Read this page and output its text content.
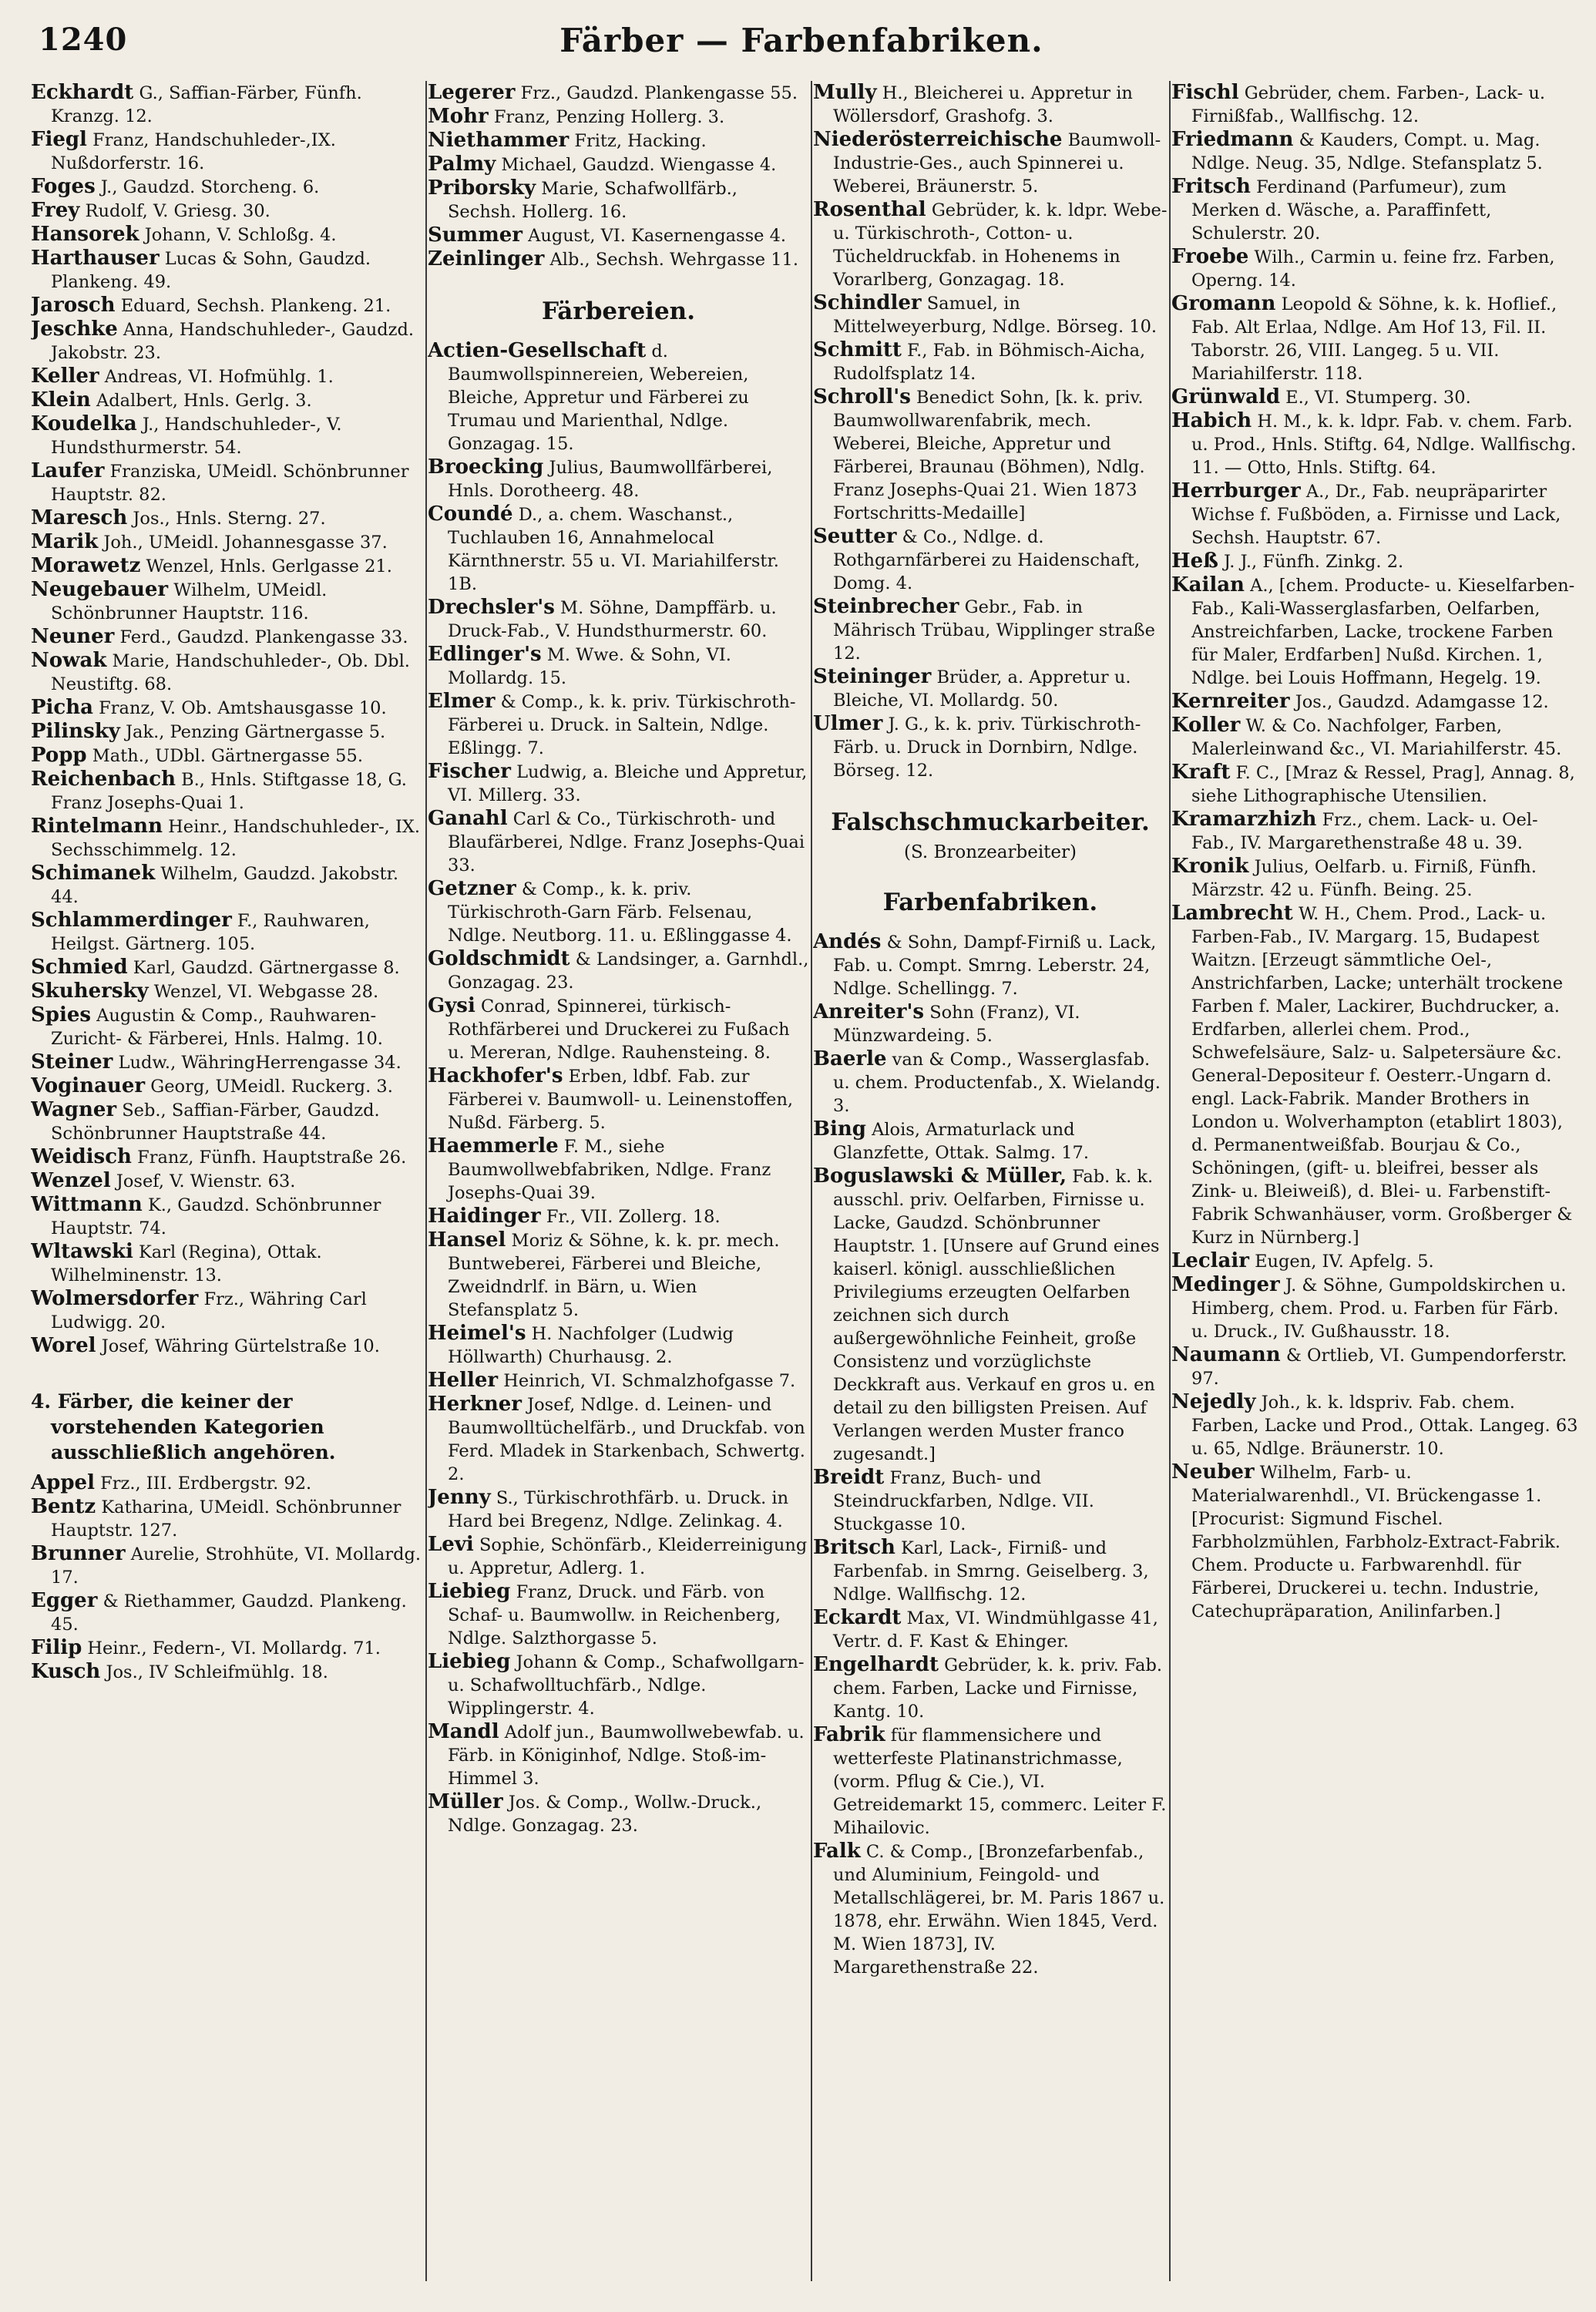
1240	Färber — Farbenfabriken.

Eckhardt G., Saffian-Färber, Fünfh. Kranzg. 12.

Fiegl Franz, Handschuhleder-,IX. Nußdorferstr. 16.

Foges J., Gaudzd. Storcheng. 6.

Frey Rudolf, V. Griesg. 30.

Hansorek Johann, V. Schloßg. 4.

Harthauser Lucas & Sohn, Gaudzd. Plankeng. 49.

Jarosch Eduard, Sechsh. Plankeng. 21.

Jeschke Anna, Handschuhleder-, Gaudzd. Jakobstr. 23.

Keller Andreas, VI. Hofmühlg. 1.

Klein Adalbert, Hnls. Gerlg. 3.

Koudelka J., Handschuhleder-, V. Hundsthurmerstr. 54.

Laufer Franziska, UMeidl. Schönbrunner Hauptstr. 82.

Maresch Jos., Hnls. Sterng. 27.

Marik Joh., UMeidl. Johannesgasse 37.

Morawetz Wenzel, Hnls. Gerlgasse 21.

Neugebauer Wilhelm, UMeidl. Schönbrunner Hauptstr. 116.

Neuner Ferd., Gaudzd. Plankengasse 33.

Nowak Marie, Handschuhleder-, Ob. Dbl. Neustiftg. 68.

Picha Franz, V. Ob. Amtshausgasse 10.

Pilinsky Jak., Penzing Gärtnergasse 5.

Popp Math., UDbl. Gärtnergasse 55.

Reichenbach B., Hnls. Stiftgasse 18, G. Franz Josephs-Quai 1.

Rintelmann Heinr., Handschuhleder-, IX. Sechsschimmelg. 12.

Schimanek Wilhelm, Gaudzd. Jakobstr. 44.

Schlammerdinger F., Rauhwaren, Heilgst. Gärtnerg. 105.

Schmied Karl, Gaudzd. Gärtnergasse 8.

Skuhersky Wenzel, VI. Webgasse 28.

Spies Augustin & Comp., Rauhwaren-Zuricht- & Färberei, Hnls. Halmg. 10.

Steiner Ludw., WähringHerrengasse 34.

Voginauer Georg, UMeidl. Ruckerg. 3.

Wagner Seb., Saffian-Färber, Gaudzd. Schönbrunner Hauptstraße 44.

Weidisch Franz, Fünfh. Hauptstraße 26.

Wenzel Josef, V. Wienstr. 63.

Wittmann K., Gaudzd. Schönbrunner Hauptstr. 74.

Wltawski Karl (Regina), Ottak. Wilhelminenstr. 13.

Wolmersdorfer Frz., Währing Carl Ludwigg. 20.

Worel Josef, Währing Gürtelstraße 10.

4. Färber, die keiner der vorstehenden Kategorien ausschließlich angehören.

Appel Frz., III. Erdbergstr. 92.

Bentz Katharina, UMeidl. Schönbrunner Hauptstr. 127.

Brunner Aurelie, Strohhüte, VI. Mollardg. 17.

Egger & Riethammer, Gaudzd. Plankeng. 45.

Filip Heinr., Federn-, VI. Mollardg. 71.

Kusch Jos., IV Schleifmühlg. 18.

Legerer Frz., Gaudzd. Plankengasse 55.

Mohr Franz, Penzing Hollerg. 3.

Niethammer Fritz, Hacking.

Palmy Michael, Gaudzd. Wiengasse 4.

Priborsky Marie, Schafwollfärb., Sechsh. Hollerg. 16.

Summer August, VI. Kasernengasse 4.

Zeinlinger Alb., Sechsh. Wehrgasse 11.

Färbereien.

Actien-Gesellschaft d. Baumwollspinnereien, Webereien, Bleiche, Appretur und Färberei zu Trumau und Marienthal, Ndlge. Gonzagag. 15.

Broecking Julius, Baumwollfärberei, Hnls. Dorotheerg. 48.

Coundé D., a. chem. Waschanst., Tuchlauben 16, Annahmelocal Kärnthnerstr. 55 u. VI. Mariahilferstr. 1B.

Drechsler's M. Söhne, Dampffärb. u. Druck-Fab., V. Hundsthurmerstr. 60.

Edlinger's M. Wwe. & Sohn, VI. Mollardg. 15.

Elmer & Comp., k. k. priv. Türkischroth-Färberei u. Druck. in Saltein, Ndlge. Eßlingg. 7.

Fischer Ludwig, a. Bleiche und Appretur, VI. Millerg. 33.

Ganahl Carl & Co., Türkischroth- und Blaufärberei, Ndlge. Franz Josephs-Quai 33.

Getzner & Comp., k. k. priv. Türkischroth-Garn Färb. Felsenau, Ndlge. Neutborg. 11. u. Eßlinggasse 4.

Goldschmidt & Landsinger, a. Garnhdl., Gonzagag. 23.

Gysi Conrad, Spinnerei, türkisch-Rothfärberei und Druckerei zu Fußach u. Mereran, Ndlge. Rauhensteing. 8.

Hackhofer's Erben, ldbf. Fab. zur Färberei v. Baumwoll- u. Leinenstoffen, Nußd. Färberg. 5.

Haemmerle F. M., siehe Baumwollwebfabriken, Ndlge. Franz Josephs-Quai 39.

Haidinger Fr., VII. Zollerg. 18.

Hansel Moriz & Söhne, k. k. pr. mech. Buntweberei, Färberei und Bleiche, Zweidndrlf. in Bärn, u. Wien Stefansplatz 5.

Heimel's H. Nachfolger (Ludwig Höllwarth) Churhausg. 2.

Heller Heinrich, VI. Schmalzhofgasse 7.

Herkner Josef, Ndlge. d. Leinen- und Baumwolltüchelfärb., und Druckfab. von Ferd. Mladek in Starkenbach, Schwertg. 2.

Jenny S., Türkischrothfärb. u. Druck. in Hard bei Bregenz, Ndlge. Zelinkag. 4.

Levi Sophie, Schönfärb., Kleiderreinigung u. Appretur, Adlerg. 1.

Liebieg Franz, Druck. und Färb. von Schaf- u. Baumwollw. in Reichenberg, Ndlge. Salzthorgasse 5.

Liebieg Johann & Comp., Schafwollgarn- u. Schafwolltuchfärb., Ndlge. Wipplingerstr. 4.

Mandl Adolf jun., Baumwollwebewfab. u. Färb. in Königinhof, Ndlge. Stoß-im-Himmel 3.

Müller Jos. & Comp., Wollw.-Druck., Ndlge. Gonzagag. 23.

Mully H., Bleicherei u. Appretur in Wöllersdorf, Grashofg. 3.

Niederösterreichische Baumwoll-Industrie-Ges., auch Spinnerei u. Weberei, Bräunerstr. 5.

Rosenthal Gebrüder, k. k. ldpr. Webe- u. Türkischroth-, Cotton- u. Tücheldruckfab. in Hohenems in Vorarlberg, Gonzagag. 18.

Schindler Samuel, in Mittelweyerburg, Ndlge. Börseg. 10.

Schmitt F., Fab. in Böhmisch-Aicha, Rudolfsplatz 14.

Schroll's Benedict Sohn, [k. k. priv. Baumwollwarenfabrik, mech. Weberei, Bleiche, Appretur und Färberei, Braunau (Böhmen), Ndlg. Franz Josephs-Quai 21. Wien 1873 Fortschritts-Medaille]

Seutter & Co., Ndlge. d. Rothgarnfärberei zu Haidenschaft, Domg. 4.

Steinbrecher Gebr., Fab. in Mährisch Trübau, Wipplinger straße 12.

Steininger Brüder, a. Appretur u. Bleiche, VI. Mollardg. 50.

Ulmer J. G., k. k. priv. Türkischroth-Färb. u. Druck in Dornbirn, Ndlge. Börseg. 12.

Falschschmuckarbeiter.
(S. Bronzearbeiter)
Farbenfabriken.

Andés & Sohn, Dampf-Firniß u. Lack, Fab. u. Compt. Smrng. Leberstr. 24, Ndlge. Schellingg. 7.

Anreiter's Sohn (Franz), VI. Münzwardeing. 5.

Baerle van & Comp., Wasserglasfab. u. chem. Productenfab., X. Wielandg. 3.

Bing Alois, Armaturlack und Glanzfette, Ottak. Salmg. 17.

Boguslawski & Müller, Fab. k. k. ausschl. priv. Oelfarben, Firnisse u. Lacke, Gaudzd. Schönbrunner Hauptstr. 1. [Unsere auf Grund eines kaiserl. königl. ausschließlichen Privilegiums erzeugten Oelfarben zeichnen sich durch außergewöhnliche Feinheit, große Consistenz und vorzüglichste Deckkraft aus. Verkauf en gros u. en detail zu den billigsten Preisen. Auf Verlangen werden Muster franco zugesandt.]

Breidt Franz, Buch- und Steindruckfarben, Ndlge. VII. Stuckgasse 10.

Britsch Karl, Lack-, Firniß- und Farbenfab. in Smrng. Geiselberg. 3, Ndlge. Wallfischg. 12.

Eckardt Max, VI. Windmühlgasse 41, Vertr. d. F. Kast & Ehinger.

Engelhardt Gebrüder, k. k. priv. Fab. chem. Farben, Lacke und Firnisse, Kantg. 10.

Fabrik für flammensichere und wetterfeste Platinanstrichmasse, (vorm. Pflug & Cie.), VI. Getreidemarkt 15, commerc. Leiter F. Mihailovic.

Falk C. & Comp., [Bronzefarbenfab., und Aluminium, Feingold- und Metallschlägerei, br. M. Paris 1867 u. 1878, ehr. Erwähn. Wien 1845, Verd. M. Wien 1873], IV. Margarethenstraße 22.

Fischl Gebrüder, chem. Farben-, Lack- u. Firnißfab., Wallfischg. 12.

Friedmann & Kauders, Compt. u. Mag. Ndlge. Neug. 35, Ndlge. Stefansplatz 5.

Fritsch Ferdinand (Parfumeur), zum Merken d. Wäsche, a. Paraffinfett, Schulerstr. 20.

Froebe Wilh., Carmin u. feine frz. Farben, Operng. 14.

Gromann Leopold & Söhne, k. k. Hoflief., Fab. Alt Erlaa, Ndlge. Am Hof 13, Fil. II. Taborstr. 26, VIII. Langeg. 5 u. VII. Mariahilferstr. 118.

Grünwald E., VI. Stumperg. 30.

Habich H. M., k. k. ldpr. Fab. v. chem. Farb. u. Prod., Hnls. Stiftg. 64, Ndlge. Wallfischg. 11. — Otto, Hnls. Stiftg. 64.

Herrburger A., Dr., Fab. neupräparirter Wichse f. Fußböden, a. Firnisse und Lack, Sechsh. Hauptstr. 67.

Heß J. J., Fünfh. Zinkg. 2.

Kailan A., [chem. Producte- u. Kieselfarben-Fab., Kali-Wasserglasfarben, Oelfarben, Anstreichfarben, Lacke, trockene Farben für Maler, Erdfarben] Nußd. Kirchen. 1, Ndlge. bei Louis Hoffmann, Hegelg. 19.

Kernreiter Jos., Gaudzd. Adamgasse 12.

Koller W. & Co. Nachfolger, Farben, Malerleinwand &c., VI. Mariahilferstr. 45.

Kraft F. C., [Mraz & Ressel, Prag], Annag. 8, siehe Lithographische Utensilien.

Kramarzhizh Frz., chem. Lack- u. Oel-Fab., IV. Margarethenstraße 48 u. 39.

Kronik Julius, Oelfarb. u. Firniß, Fünfh. Märzstr. 42 u. Fünfh. Being. 25.

Lambrecht W. H., Chem. Prod., Lack- u. Farben-Fab., IV. Margarg. 15, Budapest Waitzn. [Erzeugt sämmtliche Oel-, Anstrichfarben, Lacke; unterhält trockene Farben f. Maler, Lackirer, Buchdrucker, a. Erdfarben, allerlei chem. Prod., Schwefelsäure, Salz- u. Salpetersäure &c. General-Depositeur f. Oesterr.-Ungarn d. engl. Lack-Fabrik. Mander Brothers in London u. Wolverhampton (etablirt 1803), d. Permanentweißfab. Bourjau & Co., Schöningen, (gift- u. bleifrei, besser als Zink- u. Bleiweiß), d. Blei- u. Farbenstift-Fabrik Schwanhäuser, vorm. Großberger & Kurz in Nürnberg.]

Leclair Eugen, IV. Apfelg. 5.

Medinger J. & Söhne, Gumpoldskirchen u. Himberg, chem. Prod. u. Farben für Färb. u. Druck., IV. Gußhausstr. 18.

Naumann & Ortlieb, VI. Gumpendorferstr. 97.

Nejedly Joh., k. k. ldspriv. Fab. chem. Farben, Lacke und Prod., Ottak. Langeg. 63 u. 65, Ndlge. Bräunerstr. 10.

Neuber Wilhelm, Farb- u. Materialwarenhdl., VI. Brückengasse 1. [Procurist: Sigmund Fischel. Farbholzmühlen, Farbholz-Extract-Fabrik. Chem. Producte u. Farbwarenhdl. für Färberei, Druckerei u. techn. Industrie, Catechupräparation, Anilinfarben.]
